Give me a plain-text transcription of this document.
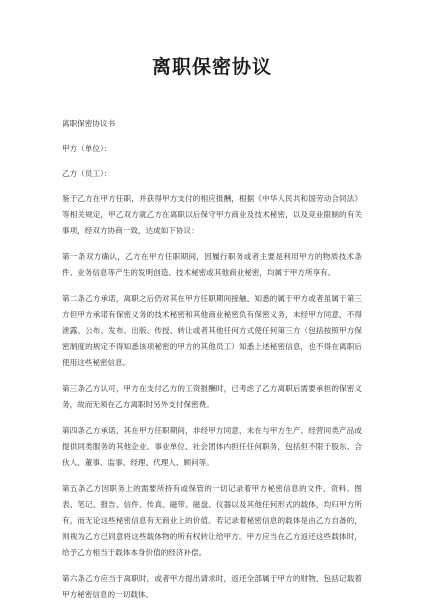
离职保密协议

离职保密协议书

甲方（单位）：

乙方（员工）：

鉴于乙方在甲方任职，并获得甲方支付的相应报酬，根据《中华人民共和国劳动合同法》等相关规定，甲乙双方就乙方在离职以后保守甲方商业及技术秘密，以及竞业限制的有关事项，经双方协商一致，达成如下协议：

第一条双方确认，乙方在甲方任职期间，因履行职务或者主要是利用甲方的物质技术条件、业务信息等产生的发明创造、技术秘密或其他商业秘密，均属于甲方所享有。

第二条乙方承诺，离职之后仍对其在甲方任职期间接触、知悉的属于甲方或者虽属于第三方但甲方承诺有保密义务的技术秘密和其他商业秘密负有保密义务，未经甲方同意，不得泄露、公布、发布、出版、传授、转让或者其他任何方式使任何第三方（包括按照甲方保密制度的规定不得知悉该项秘密的甲方的其他员工）知悉上述秘密信息，也不得在离职后使用这些秘密信息。

第三条乙方认可，甲方在支付乙方的工资报酬时，已考虑了乙方离职后需要承担的保密义务，故而无须在乙方离职时另外支付保密费。

第四条乙方承诺，其在甲方任职期间，非经甲方同意，未在与甲方生产、经营同类产品或提供同类服务的其他企业、事业单位、社会团体内担任任何职务，包括但不限于股东、合伙人、董事、监事、经理、代理人、顾问等。

第五条乙方因职务上的需要所持有或保管的一切记录着甲方秘密信息的文件、资料、图表、笔记、报告、信件、传真、磁带、磁盘、仪器以及其他任何形式的载体，均归甲方所有，而无论这些秘密信息有无商业上的价值。若记录着秘密信息的载体是由乙方自备的，则视为乙方已同意将这些载体物的所有权转让给甲方。甲方应当在乙方返还这些载体时，给予乙方相当于载体本身价值的经济补偿。

第六条乙方应当于离职时，或者甲方提出请求时，返还全部属于甲方的财物，包括记载着甲方秘密信息的一切载体。
